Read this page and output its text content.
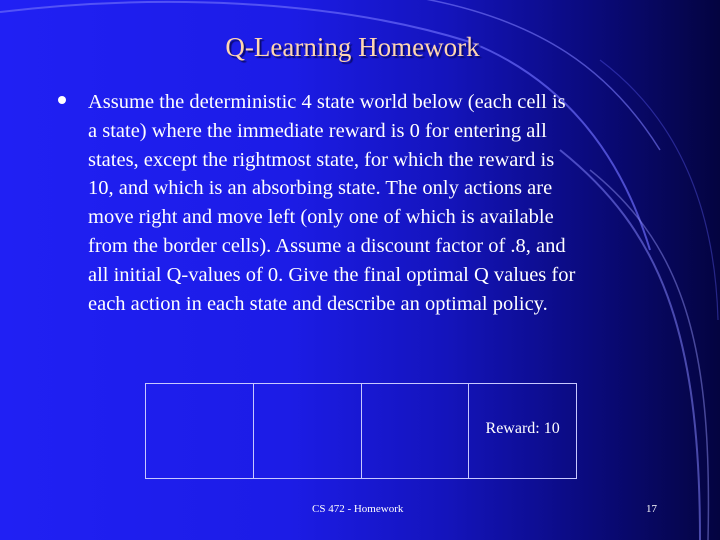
Q-Learning Homework
Assume the deterministic 4 state world below (each cell is
a state) where the immediate reward is 0 for entering all
states, except the rightmost state, for which the reward is
10, and which is an absorbing state. The only actions are
move right and move left (only one of which is available
from the border cells). Assume a discount factor of .8, and
all initial Q-values of 0. Give the final optimal Q values for
each action in each state and describe an optimal policy.
Reward: 10
CS 472 - Homework	17
